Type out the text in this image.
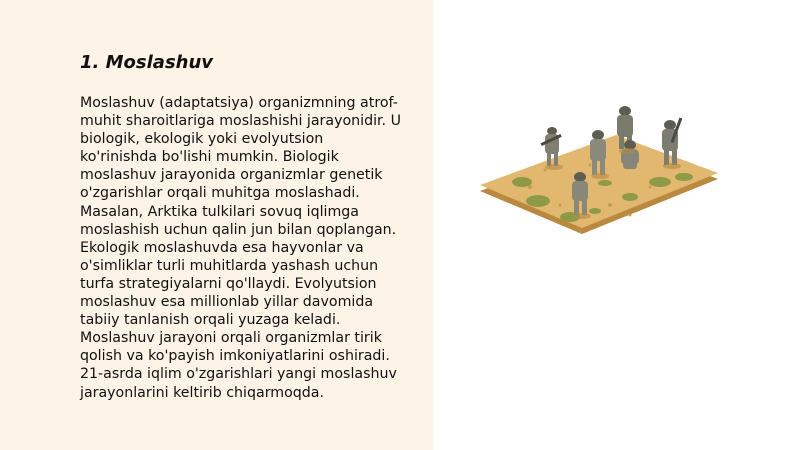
1. Moslashuv
Moslashuv (adaptatsiya) organizmning atrof-
muhit sharoitlariga moslashishi jarayonidir. U
biologik, ekologik yoki evolyutsion
ko'rinishda bo'lishi mumkin. Biologik
moslashuv jarayonida organizmlar genetik
o'zgarishlar orqali muhitga moslashadi.
Masalan, Arktika tulkilari sovuq iqlimga
moslashish uchun qalin jun bilan qoplangan.
Ekologik moslashuvda esa hayvonlar va
o'simliklar turli muhitlarda yashash uchun
turfa strategiyalarni qo'llaydi. Evolyutsion
moslashuv esa millionlab yillar davomida
tabiiy tanlanish orqali yuzaga keladi.
Moslashuv jarayoni orqali organizmlar tirik
qolish va ko'payish imkoniyatlarini oshiradi.
21-asrda iqlim o'zgarishlari yangi moslashuv
jarayonlarini keltirib chiqarmoqda.
